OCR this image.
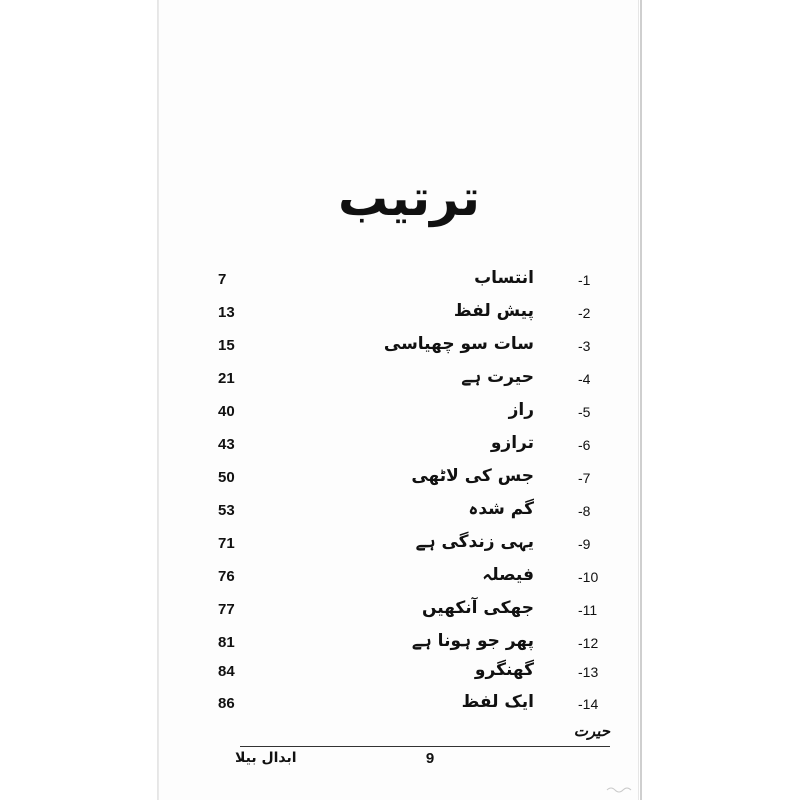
ترتیب
7	انتساب	-1
13	پیش لفظ	-2
15	سات سو چھیاسی	-3
21	حیرت ہے	-4
40	راز	-5
43	ترازو	-6
50	جس کی لاٹھی	-7
53	گم شدہ	-8
71	یہی زندگی ہے	-9
76	فیصلہ	-10
77	جھکی آنکھیں	-11
81	پھر جو ہونا ہے	-12
84	گھنگرو	-13
86	ایک لفظ	-14
حیرت
9
ابدال بیلا
